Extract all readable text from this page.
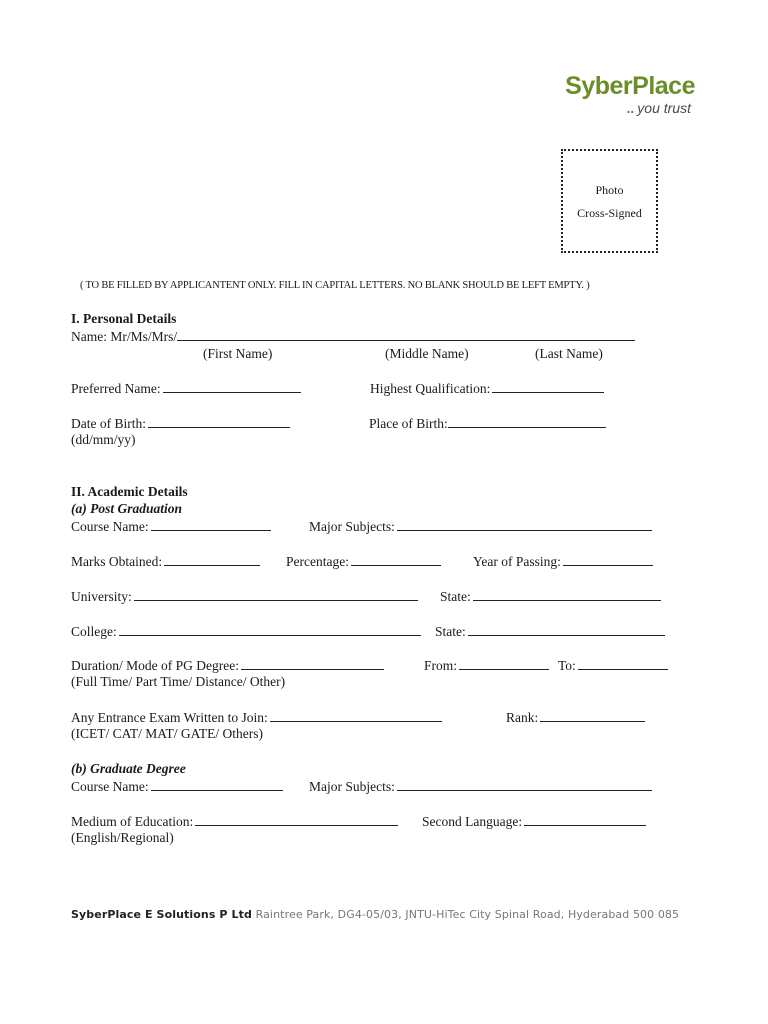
SyberPlace
.. you trust
Photo
Cross-Signed
( TO BE FILLED BY APPLICANTENT ONLY. FILL IN CAPITAL LETTERS. NO BLANK SHOULD BE LEFT EMPTY. )
I. Personal Details
Name: Mr/Ms/Mrs/
(First Name)	(Middle Name)	(Last Name)
Preferred Name:	Highest Qualification:
Date of Birth:	Place of Birth:
(dd/mm/yy)
II. Academic Details
(a) Post Graduation
Course Name:	Major Subjects:
Marks Obtained:	Percentage:	Year of Passing:
University:	State:
College:	State:
Duration/ Mode of PG Degree:	From:	To:
(Full Time/ Part Time/ Distance/ Other)
Any Entrance Exam Written to Join:	Rank:
(ICET/ CAT/ MAT/ GATE/ Others)
(b) Graduate Degree
Course Name:	Major Subjects:
Medium of Education:	Second Language:
(English/Regional)
SyberPlace E Solutions P Ltd Raintree Park, DG4-05/03, JNTU-HiTec City Spinal Road, Hyderabad 500 085
